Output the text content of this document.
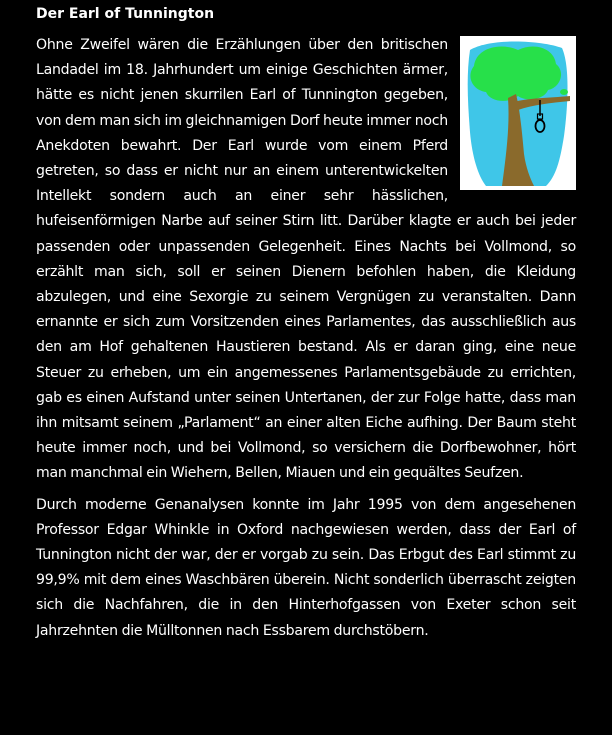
Der Earl of Tunnington

Ohne Zweifel wären die Erzählungen über den britischen Landadel im 18. Jahrhundert um einige Geschichten ärmer, hätte es nicht jenen skurrilen Earl of Tunnington gegeben, von dem man sich im gleichnamigen Dorf heute immer noch Anekdoten bewahrt. Der Earl wurde vom einem Pferd getreten, so dass er nicht nur an einem unterentwickelten Intellekt sondern auch an einer sehr hässlichen, hufeisenförmigen Narbe auf seiner Stirn litt. Darüber klagte er auch bei jeder passenden oder unpassenden Gelegenheit. Eines Nachts bei Vollmond, so erzählt man sich, soll er seinen Dienern befohlen haben, die Kleidung abzulegen, und eine Sexorgie zu seinem Vergnügen zu veranstalten. Dann ernannte er sich zum Vorsitzenden eines Parlamentes, das ausschließlich aus den am Hof gehaltenen Haustieren bestand. Als er daran ging, eine neue Steuer zu erheben, um ein angemessenes Parlamentsgebäude zu errichten, gab es einen Aufstand unter seinen Untertanen, der zur Folge hatte, dass man ihn mitsamt seinem „Parlament“ an einer alten Eiche aufhing. Der Baum steht heute immer noch, und bei Vollmond, so versichern die Dorfbewohner, hört man manchmal ein Wiehern, Bellen, Miauen und ein gequältes Seufzen.

Durch moderne Genanalysen konnte im Jahr 1995 von dem angesehenen Professor Edgar Whinkle in Oxford nachgewiesen werden, dass der Earl of Tunnington nicht der war, der er vorgab zu sein. Das Erbgut des Earl stimmt zu 99,9% mit dem eines Waschbären überein. Nicht sonderlich überrascht zeigten sich die Nachfahren, die in den Hinterhofgassen von Exeter schon seit Jahrzehnten die Mülltonnen nach Essbarem durchstöbern.
